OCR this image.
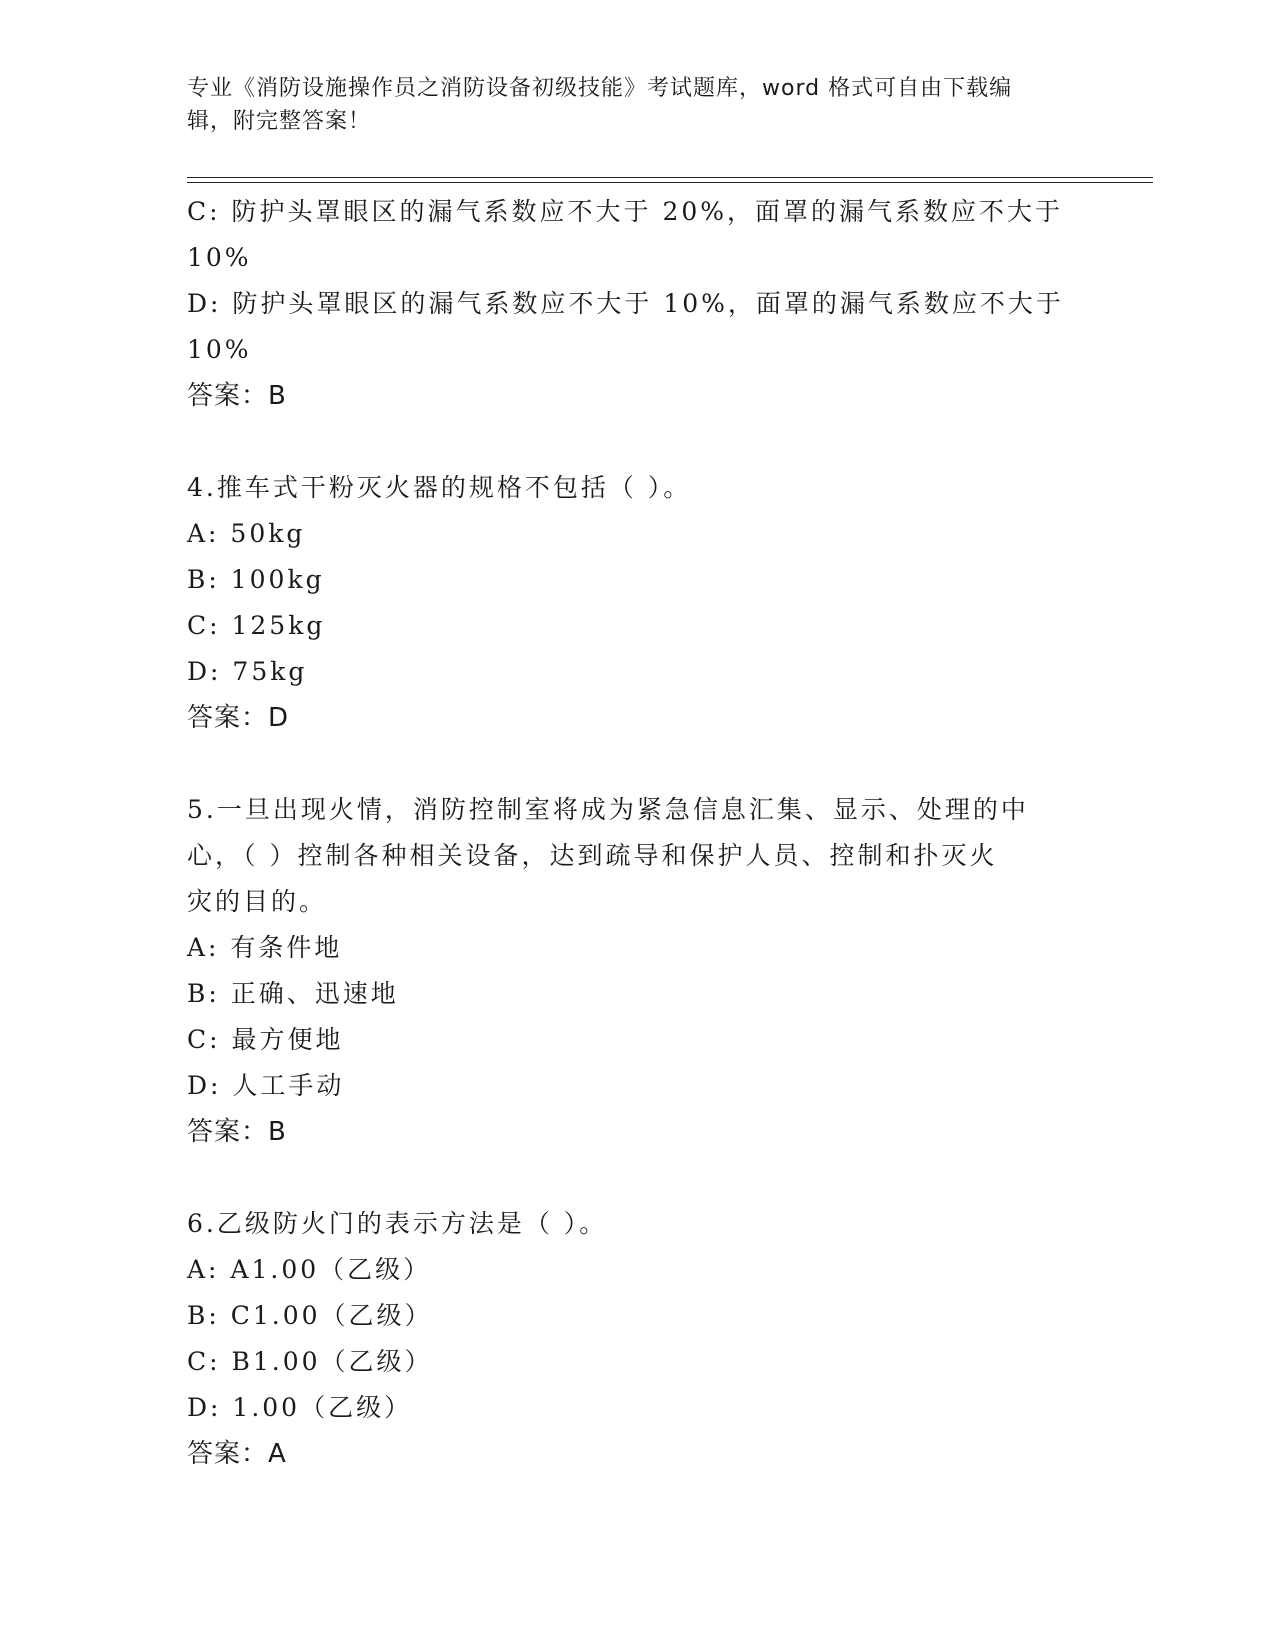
专业《消防设施操作员之消防设备初级技能》考试题库，word 格式可自由下载编
辑，附完整答案！
C: 防护头罩眼区的漏气系数应不大于 20%，面罩的漏气系数应不大于
10%
D: 防护头罩眼区的漏气系数应不大于 10%，面罩的漏气系数应不大于
10%
答案：B
4.推车式干粉灭火器的规格不包括（ ）。
A: 50kg
B: 100kg
C: 125kg
D: 75kg
答案：D
5.一旦出现火情，消防控制室将成为紧急信息汇集、显示、处理的中
心，（ ）控制各种相关设备，达到疏导和保护人员、控制和扑灭火
灾的目的。
A: 有条件地
B: 正确、迅速地
C: 最方便地
D: 人工手动
答案：B
6.乙级防火门的表示方法是（ ）。
A: A1.00（乙级）
B: C1.00（乙级）
C: B1.00（乙级）
D: 1.00（乙级）
答案：A
